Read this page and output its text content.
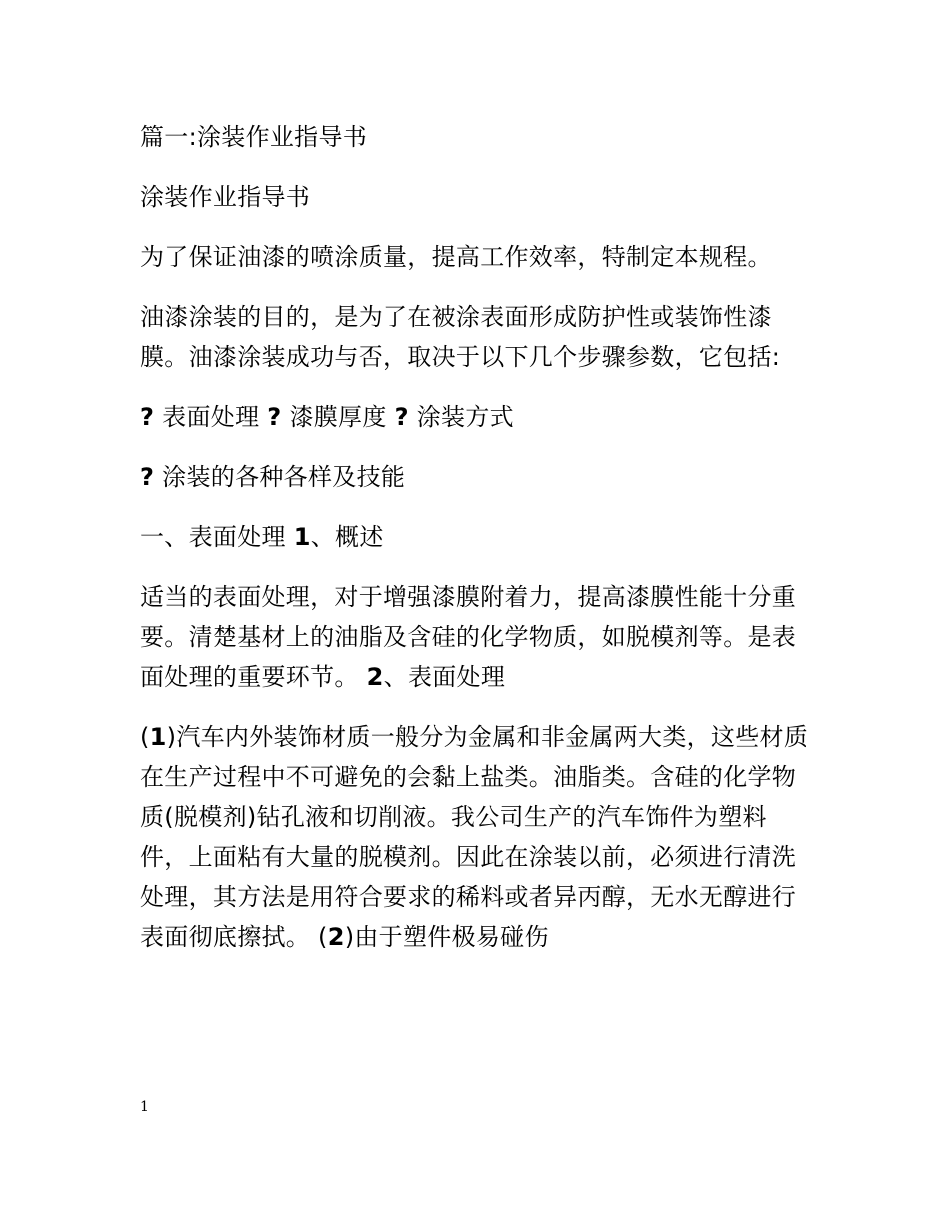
篇一:涂装作业指导书

涂装作业指导书

为了保证油漆的喷涂质量，提高工作效率，特制定本规程。

油漆涂装的目的，是为了在被涂表面形成防护性或装饰性漆膜。油漆涂装成功与否，取决于以下几个步骤参数，它包括:

? 表面处理 ? 漆膜厚度 ? 涂装方式

? 涂装的各种各样及技能

一、表面处理 1、概述

适当的表面处理，对于增强漆膜附着力，提高漆膜性能十分重要。清楚基材上的油脂及含硅的化学物质，如脱模剂等。是表面处理的重要环节。 2、表面处理

(1)汽车内外装饰材质一般分为金属和非金属两大类，这些材质在生产过程中不可避免的会黏上盐类。油脂类。含硅的化学物质(脱模剂)钻孔液和切削液。我公司生产的汽车饰件为塑料件，上面粘有大量的脱模剂。因此在涂装以前，必须进行清洗处理，其方法是用符合要求的稀料或者异丙醇，无水无醇进行表面彻底擦拭。 (2)由于塑件极易碰伤

1
